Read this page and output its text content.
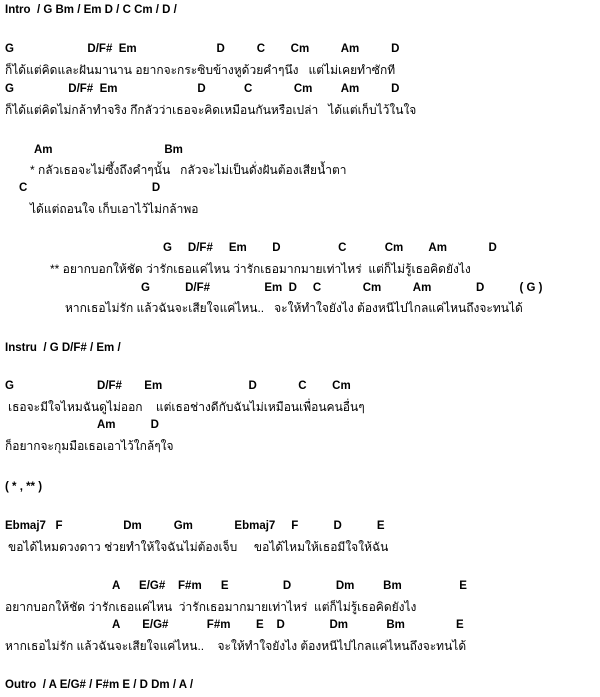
Intro  / G Bm / Em D / C Cm / D /
G                       D/F#  Em                         D          C        Cm          Am          D
ก็ได้แต่คิดและฝันมานาน อยากจะกระซิบข้างหูด้วยคำๆนึง   แต่ไม่เคยทำซักที
G                 D/F#  Em                         D            C             Cm         Am          D
ก็ได้แต่คิดไม่กล้าทำจริง กึกลัวว่าเธอจะคิดเหมือนกันหรือเปล่า   ได้แต่เก็บไว้ในใจ
Am                                   Bm
* กลัวเธอจะไม่ซึ้งถึงคำๆนั้น   กลัวจะไม่เป็นดั่งฝันต้องเสียน้ำตา
C                                       D
ได้แต่ถอนใจ เก็บเอาไว้ไม่กล้าพอ
G     D/F#     Em        D                  C            Cm        Am             D
** อยากบอกให้ชัด ว่ารักเธอแค่ไหน ว่ารักเธอมากมายเท่าไหร่  แต่ก็ไม่รู้เธอคิดยังไง
G           D/F#                 Em  D     C             Cm          Am              D           ( G )
หากเธอไม่รัก แล้วฉันจะเสียใจแค่ไหน..   จะให้ทำใจยังไง ต้องหนีไปไกลแค่ไหนถึงจะทนได้
Instru  / G D/F# / Em /
G                          D/F#       Em                           D             C        Cm
เธอจะมีใจไหมฉันดูไม่ออก    แต่เธอช่างดีกับฉันไม่เหมือนเพื่อนคนอื่นๆ
Am           D
ก็อยากจะกุมมือเธอเอาไว้ใกล้ๆใจ
( * , ** )
Ebmaj7   F                   Dm          Gm             Ebmaj7     F           D           E
ขอได้ไหมดวงดาว ช่วยทำให้ใจฉันไม่ต้องเจ็บ     ขอได้ไหมให้เธอมีใจให้ฉัน
A      E/G#    F#m      E                 D              Dm         Bm                  E
อยากบอกให้ชัด ว่ารักเธอแค่ไหน  ว่ารักเธอมากมายเท่าไหร่  แต่ก็ไม่รู้เธอคิดยังไง
A       E/G#            F#m        E    D              Dm            Bm                E
หากเธอไม่รัก แล้วฉันจะเสียใจแค่ไหน..    จะให้ทำใจยังไง ต้องหนีไปไกลแค่ไหนถึงจะทนได้
Outro  / A E/G# / F#m E / D Dm / A /
